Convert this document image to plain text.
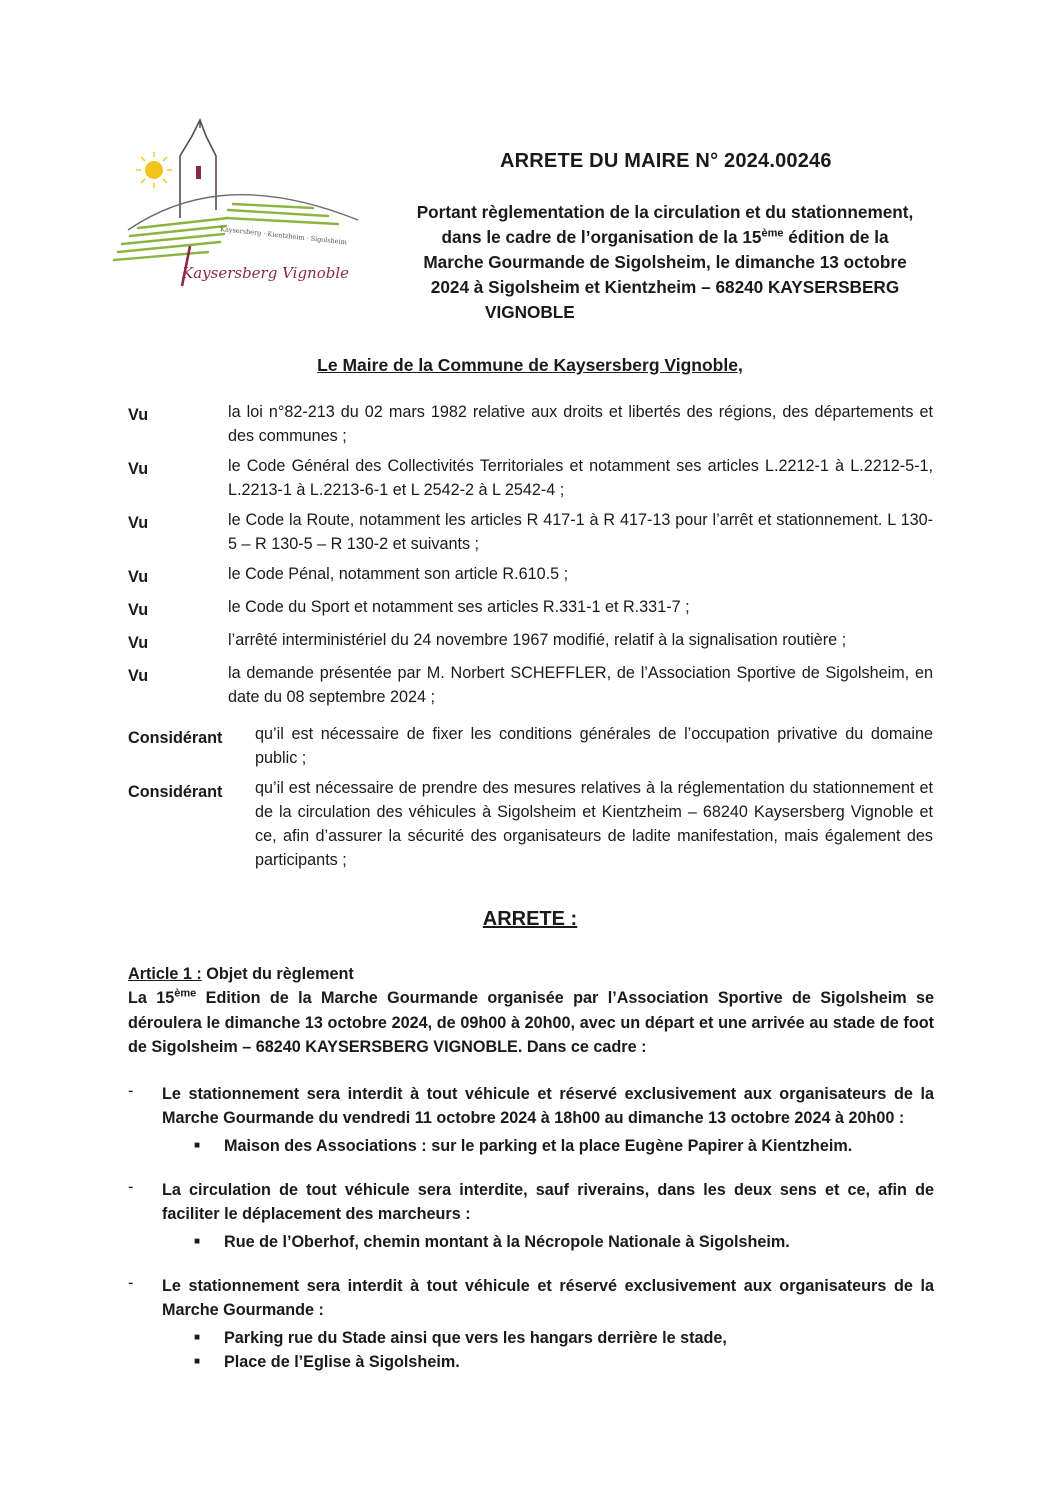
Kaysersberg · Kientzheim · Sigolsheim
Kaysersberg Vignoble
ARRETE DU MAIRE N° 2024.00246
Portant règlementation de la circulation et du stationnement,
dans le cadre de l’organisation de la 15ème édition de la
Marche Gourmande de Sigolsheim, le dimanche 13 octobre
2024 à Sigolsheim et Kientzheim – 68240 KAYSERSBERG
VIGNOBLE
Le Maire de la Commune de Kaysersberg Vignoble,
Vu	la loi n°82-213 du 02 mars 1982 relative aux droits et libertés des régions, des départements et des communes ;
Vu	le Code Général des Collectivités Territoriales et notamment ses articles L.2212-1 à L.2212-5-1, L.2213-1 à L.2213-6-1 et L 2542-2 à L 2542-4 ;
Vu	le Code la Route, notamment les articles R 417-1 à R 417-13 pour l’arrêt et stationnement. L 130-5 – R 130-5 – R 130-2 et suivants ;
Vu	le Code Pénal, notamment son article R.610.5 ;
Vu	le Code du Sport et notamment ses articles R.331-1 et R.331-7 ;
Vu	l’arrêté interministériel du 24 novembre 1967 modifié, relatif à la signalisation routière ;
Vu	la demande présentée par M. Norbert SCHEFFLER, de l’Association Sportive de Sigolsheim, en date du 08 septembre 2024 ;
Considérant	qu’il est nécessaire de fixer les conditions générales de l’occupation privative du domaine public ;
Considérant	qu’il est nécessaire de prendre des mesures relatives à la réglementation du stationnement et de la circulation des véhicules à Sigolsheim et Kientzheim – 68240 Kaysersberg Vignoble et ce, afin d’assurer la sécurité des organisateurs de ladite manifestation, mais également des participants ;
ARRETE :
Article 1 : Objet du règlement
La 15ème Edition de la Marche Gourmande organisée par l’Association Sportive de Sigolsheim se déroulera le dimanche 13 octobre 2024, de 09h00 à 20h00, avec un départ et une arrivée au stade de foot de Sigolsheim – 68240 KAYSERSBERG VIGNOBLE. Dans ce cadre :
-	Le stationnement sera interdit à tout véhicule et réservé exclusivement aux organisateurs de la Marche Gourmande du vendredi 11 octobre 2024 à 18h00 au dimanche 13 octobre 2024 à 20h00 :
■	Maison des Associations : sur le parking et la place Eugène Papirer à Kientzheim.
-	La circulation de tout véhicule sera interdite, sauf riverains, dans les deux sens et ce, afin de faciliter le déplacement des marcheurs :
■	Rue de l’Oberhof, chemin montant à la Nécropole Nationale à Sigolsheim.
-	Le stationnement sera interdit à tout véhicule et réservé exclusivement aux organisateurs de la Marche Gourmande :
■	Parking rue du Stade ainsi que vers les hangars derrière le stade,
■	Place de l’Eglise à Sigolsheim.
